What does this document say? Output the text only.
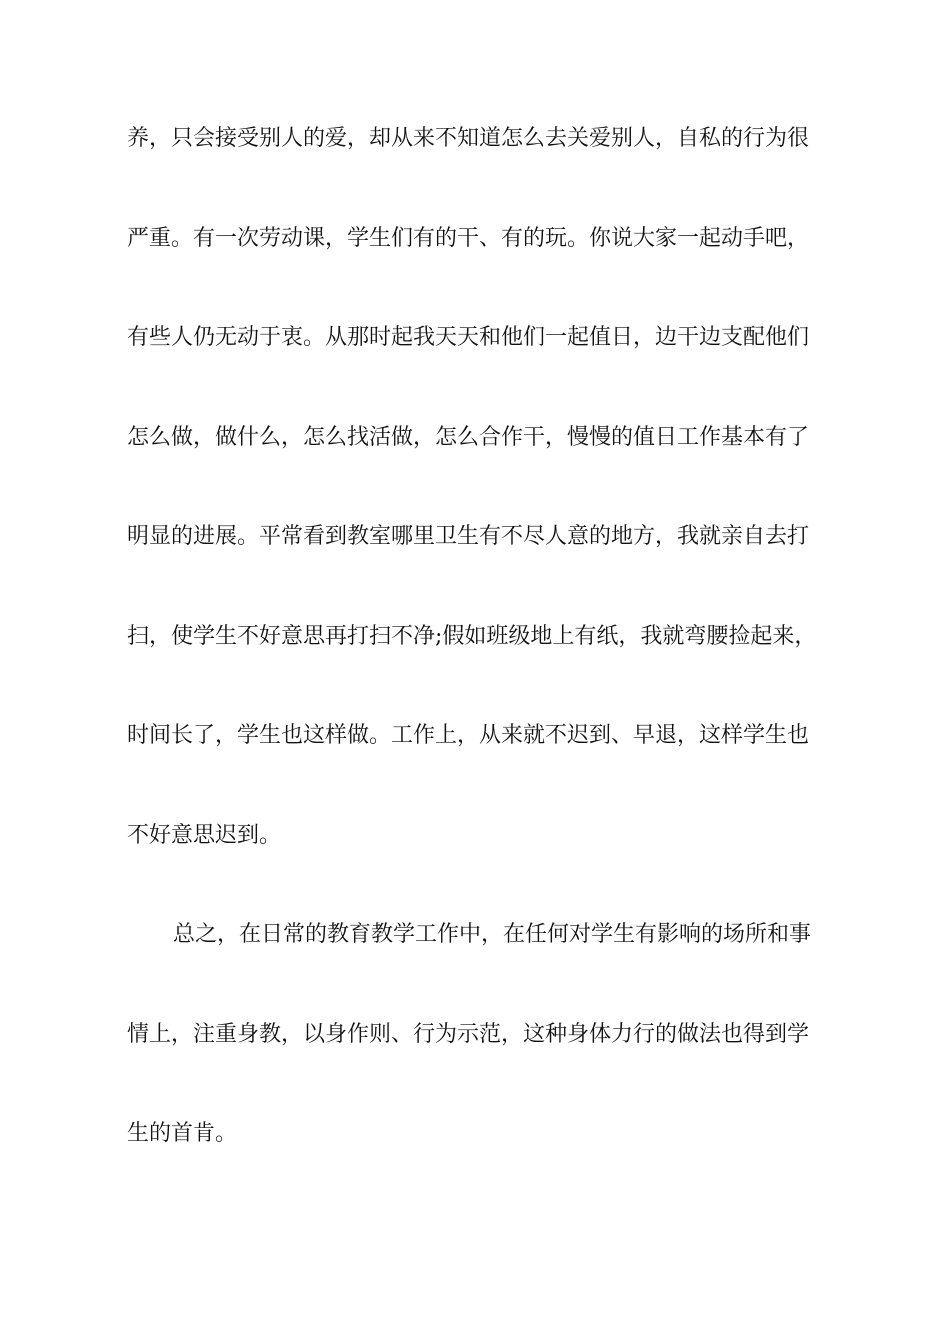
养，只会接受别人的爱，却从来不知道怎么去关爱别人，自私的行为很
严重。有一次劳动课，学生们有的干、有的玩。你说大家一起动手吧，
有些人仍无动于衷。从那时起我天天和他们一起值日，边干边支配他们
怎么做，做什么，怎么找活做，怎么合作干，慢慢的值日工作基本有了
明显的进展。平常看到教室哪里卫生有不尽人意的地方，我就亲自去打
扫，使学生不好意思再打扫不净;假如班级地上有纸，我就弯腰捡起来，
时间长了，学生也这样做。工作上，从来就不迟到、早退，这样学生也
不好意思迟到。
总之，在日常的教育教学工作中，在任何对学生有影响的场所和事
情上，注重身教，以身作则、行为示范，这种身体力行的做法也得到学
生的首肯。
